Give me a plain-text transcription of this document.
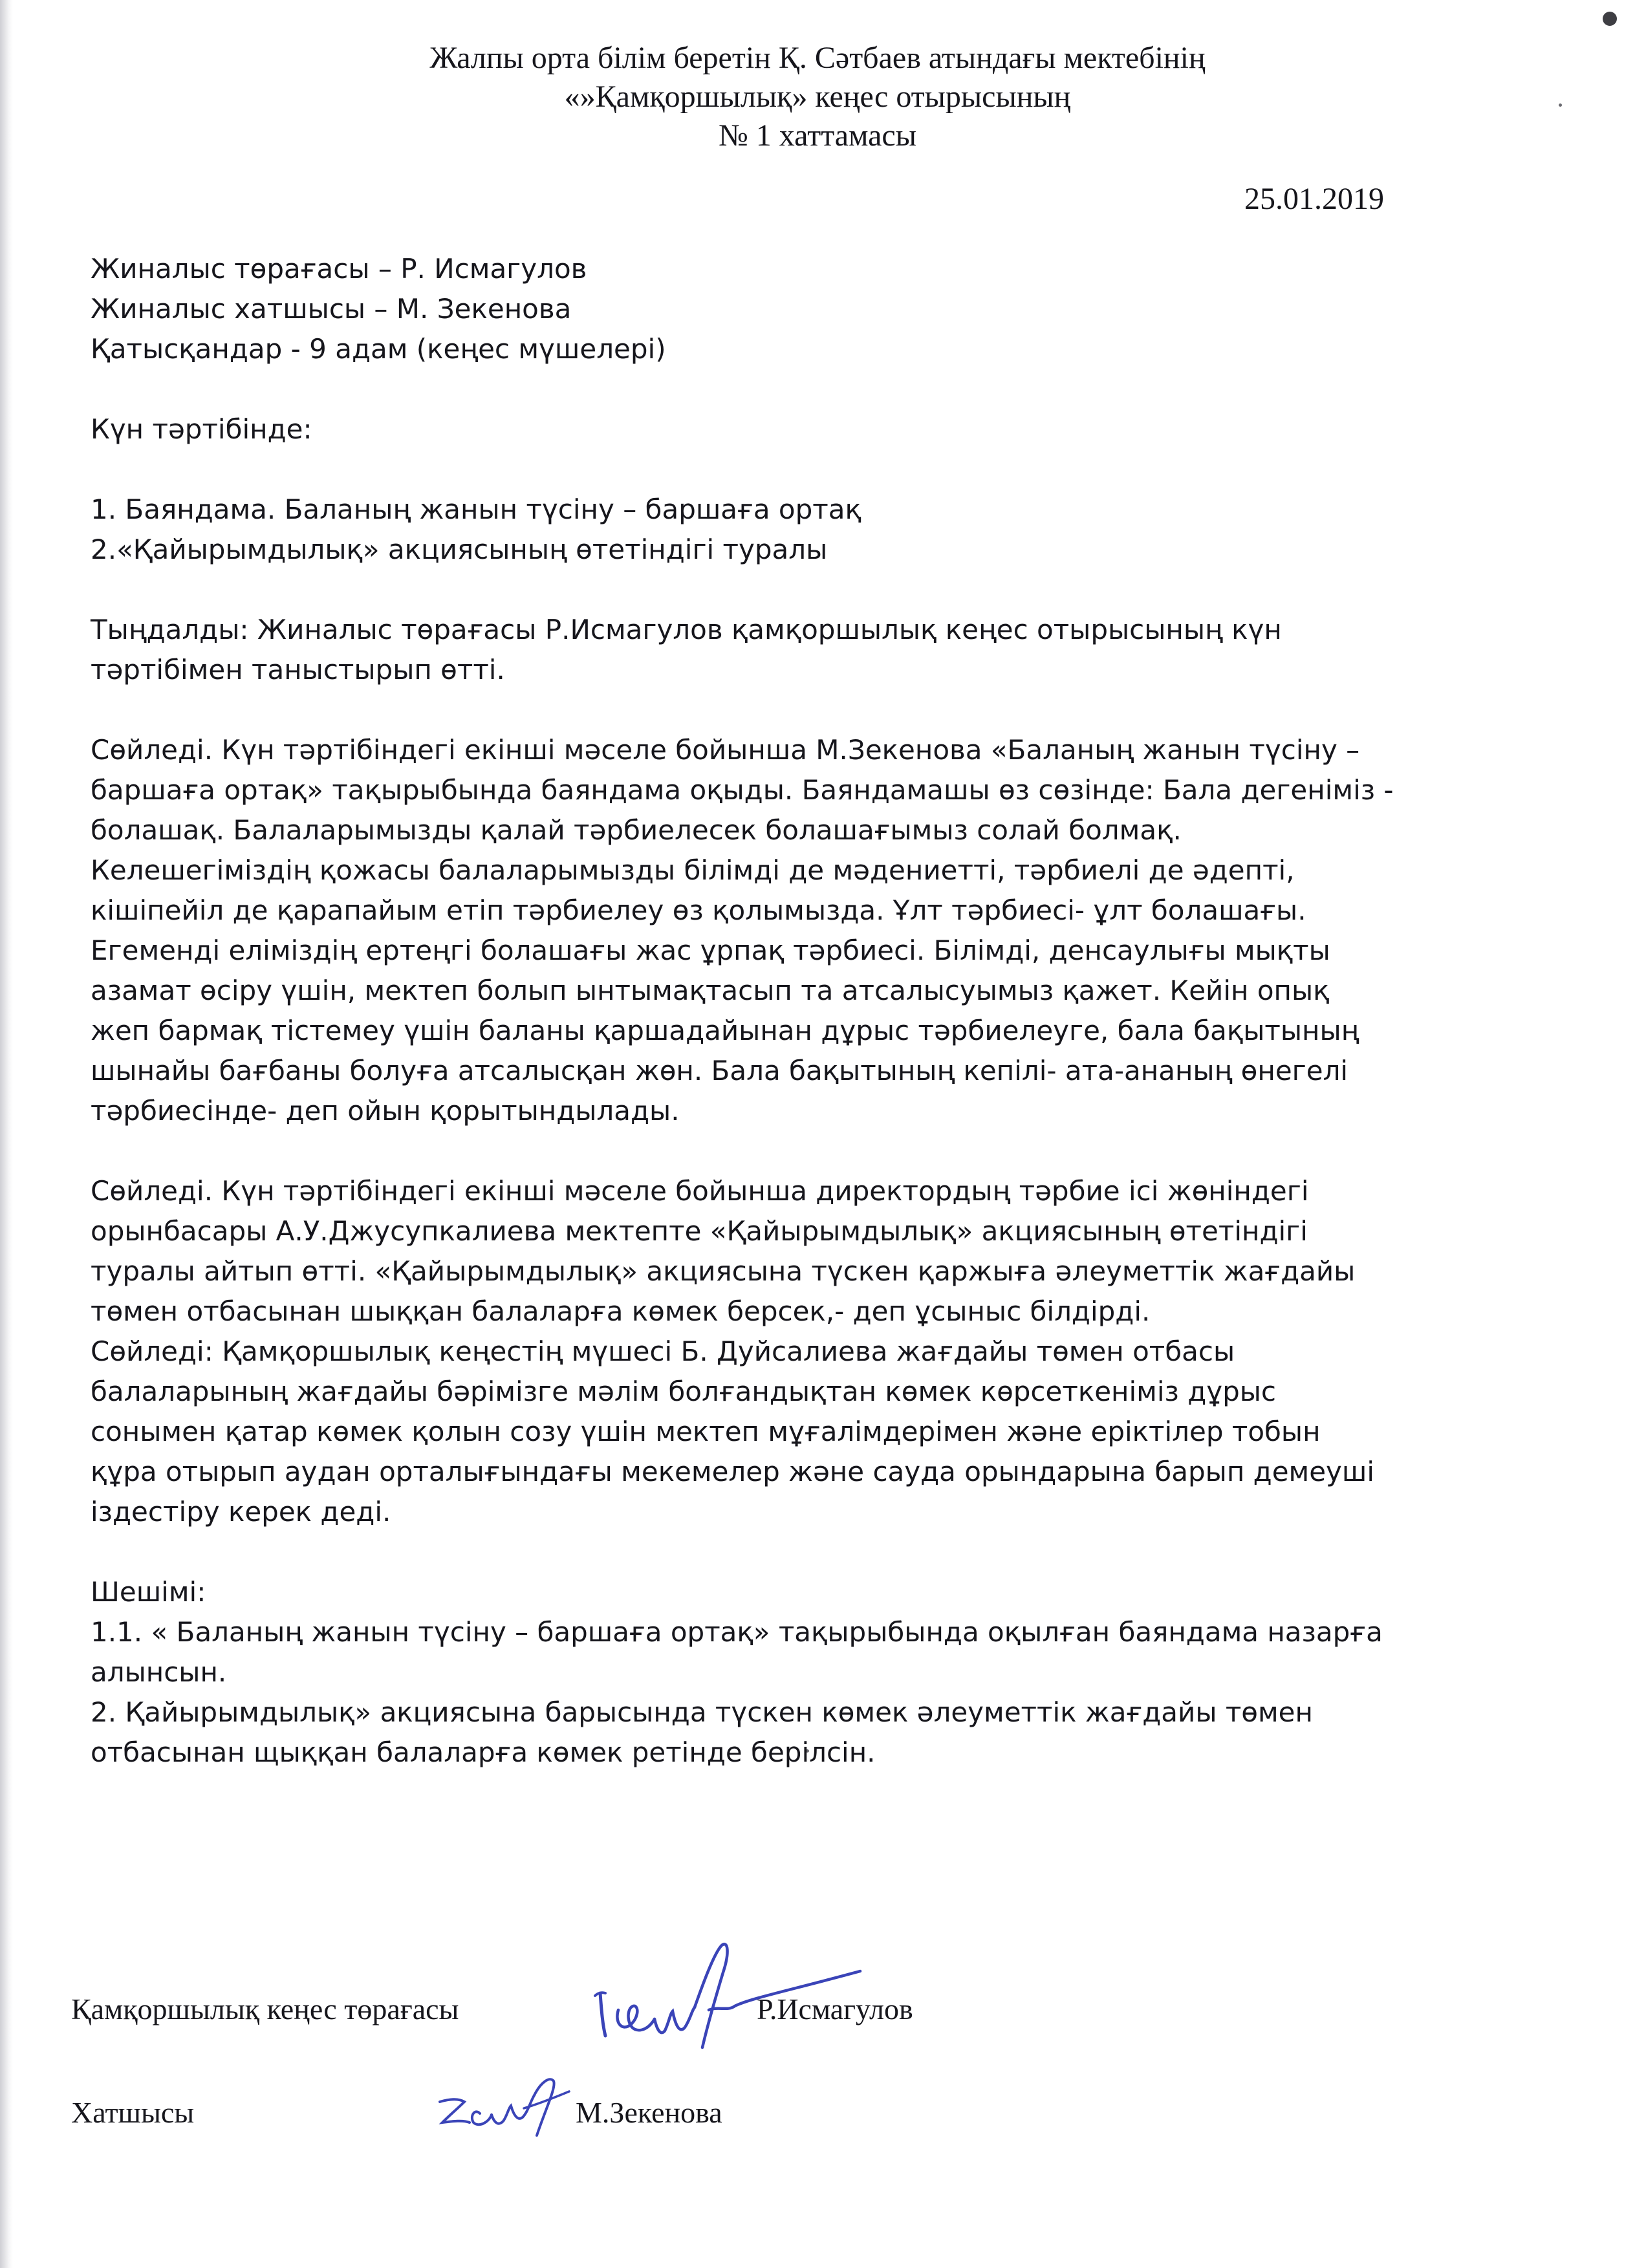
Жалпы орта білім беретін Қ. Сәтбаев атындағы мектебінің
«»Қамқоршылық» кеңес отырысының
№ 1 хаттамасы
25.01.2019

Жиналыс төрағасы – Р. Исмагулов
Жиналыс хатшысы – М. Зекенова
Қатысқандар - 9 адам (кеңес мүшелері)

Күн тәртібінде:

1. Баяндама. Баланың жанын түсіну – баршаға ортақ
2.«Қайырымдылық» акциясының өтетіндігі туралы

Тыңдалды: Жиналыс төрағасы Р.Исмагулов қамқоршылық кеңес отырысының күн
тәртібімен таныстырып өтті.

Сөйледі. Күн тәртібіндегі екінші мәселе бойынша М.Зекенова «Баланың жанын түсіну –
баршаға ортақ» тақырыбында баяндама оқыды. Баяндамашы өз сөзінде: Бала дегеніміз -
болашақ. Балаларымызды қалай тәрбиелесек болашағымыз солай болмақ.
Келешегіміздің қожасы балаларымызды білімді де мәдениетті, тәрбиелі де әдепті,
кішіпейіл де қарапайым етіп тәрбиелеу өз қолымызда. Ұлт тәрбиесі- ұлт болашағы.
Егеменді еліміздің ертеңгі болашағы жас ұрпақ тәрбиесі. Білімді, денсаулығы мықты
азамат өсіру үшін, мектеп болып ынтымақтасып та атсалысуымыз қажет. Кейін опық
жеп бармақ тістемеу үшін баланы қаршадайынан дұрыс тәрбиелеуге, бала бақытының
шынайы бағбаны болуға атсалысқан жөн. Бала бақытының кепілі- ата-ананың өнегелі
тәрбиесінде- деп ойын қорытындылады.

Сөйледі. Күн тәртібіндегі екінші мәселе бойынша директордың тәрбие ісі жөніндегі
орынбасары А.У.Джусупкалиева мектепте «Қайырымдылық» акциясының өтетіндігі
туралы айтып өтті. «Қайырымдылық» акциясына түскен қаржыға әлеуметтік жағдайы
төмен отбасынан шыққан балаларға көмек берсек,- деп ұсыныс білдірді.

Сөйледі: Қамқоршылық кеңестің мүшесі Б. Дуйсалиева жағдайы төмен отбасы
балаларының жағдайы бәрімізге мәлім болғандықтан көмек көрсеткеніміз дұрыс
сонымен қатар көмек қолын созу үшін мектеп мұғалімдерімен және еріктілер тобын
құра отырып аудан орталығындағы мекемелер және сауда орындарына барып демеуші
іздестіру керек деді.

Шешімі:
1.1. « Баланың жанын түсіну – баршаға ортақ» тақырыбында оқылған баяндама назарға
алынсын.
2. Қайырымдылық» акциясына барысында түскен көмек әлеуметтік жағдайы төмен
отбасынан щыққан балаларға көмек ретінде берілсін.

Қамқоршылық кеңес төрағасы	Р.Исмагулов
Хатшысы	М.Зекенова
